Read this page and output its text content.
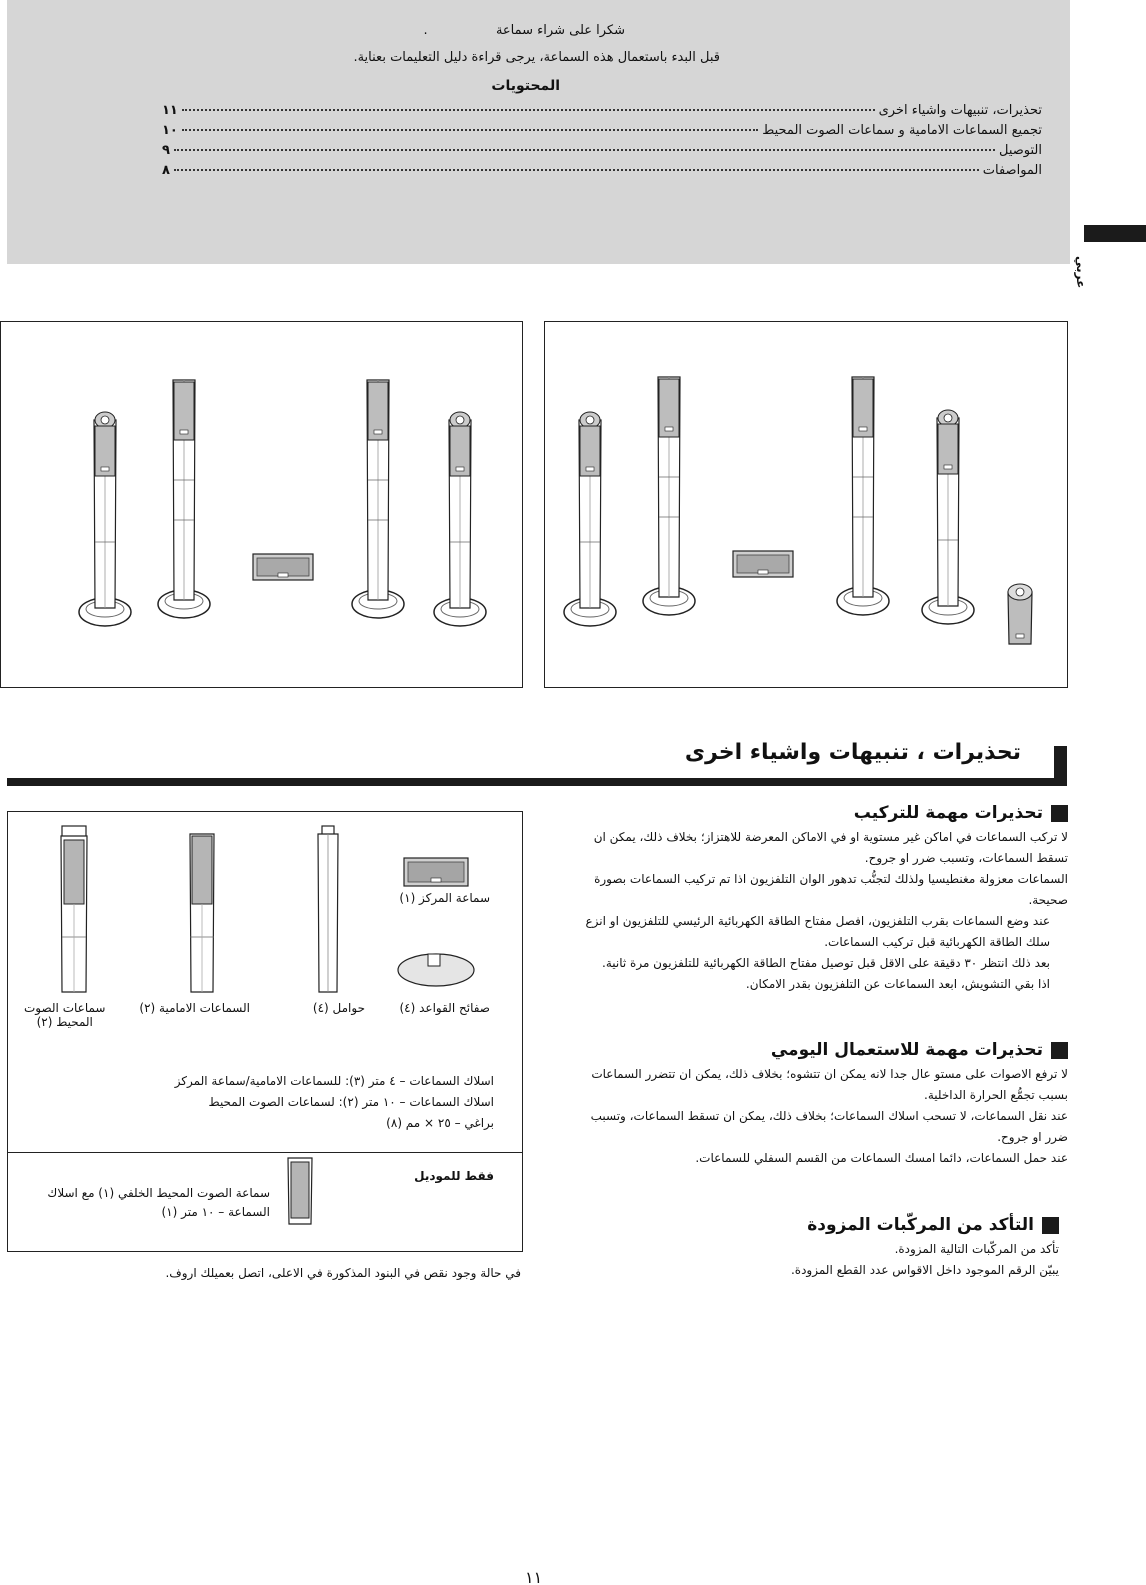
شكرا على شراء سماعة  .
قبل البدء باستعمال هذه السماعة، يرجى قراءة دليل التعليمات بعناية.
المحتويات
تحذيرات، تنبيهات واشياء اخرى
١١
تجميع السماعات الامامية و سماعات الصوت المحيط
١٠
التوصيل
٩
المواصفات
٨
عربي
تحذيرات ، تنبيهات واشياء اخرى
تحذيرات مهمة للتركيب

لا تركب السماعات في اماكن غير مستوية او في الاماكن المعرضة للاهتزاز؛ بخلاف ذلك، يمكن ان تسقط السماعات، وتسبب ضرر او جروح.

السماعات معزولة مغنطيسيا ولذلك لتجنُّب تدهور الوان التلفزيون اذا تم تركيب السماعات بصورة صحيحة.

عند وضع السماعات بقرب التلفزيون، افصل مفتاح الطاقة الكهربائية الرئيسي للتلفزيون او انزع سلك الطاقة الكهربائية قبل تركيب السماعات.

بعد ذلك انتظر ٣٠ دقيقة على الاقل قبل توصيل مفتاح الطاقة الكهربائية للتلفزيون مرة ثانية.

اذا بقي التشويش، ابعد السماعات عن التلفزيون بقدر الامكان.

تحذيرات مهمة للاستعمال اليومي

لا ترفع الاصوات على مستو عال جدا لانه يمكن ان تتشوه؛ بخلاف ذلك، يمكن ان تتضرر السماعات بسبب تجمُّع الحرارة الداخلية.

عند نقل السماعات، لا تسحب اسلاك السماعات؛ بخلاف ذلك، يمكن ان تسقط السماعات، وتسبب ضرر او جروح.

عند حمل السماعات، دائما امسك السماعات من القسم السفلي للسماعات.

التأكد من المركّبات المزودة

تأكد من المركّبات التالية المزودة.

يبيّن الرقم الموجود داخل الاقواس عدد القطع المزودة.

سماعة المركز (١)
صفائح القواعد (٤)
حوامل (٤)
السماعات الامامية (٢)
سماعات الصوت
المحيط (٢)
اسلاك السماعات – ٤ متر (٣): للسماعات الامامية/سماعة المركز
اسلاك السماعات – ١٠ متر (٢): لسماعات الصوت المحيط
براغي – ٢٥ × مم (٨)
فقط للموديل
سماعة الصوت المحيط الخلفي (١) مع اسلاك
السماعة – ١٠ متر (١)
في حالة وجود نقص في البنود المذكورة في الاعلى، اتصل بعميلك اروف.
١١
